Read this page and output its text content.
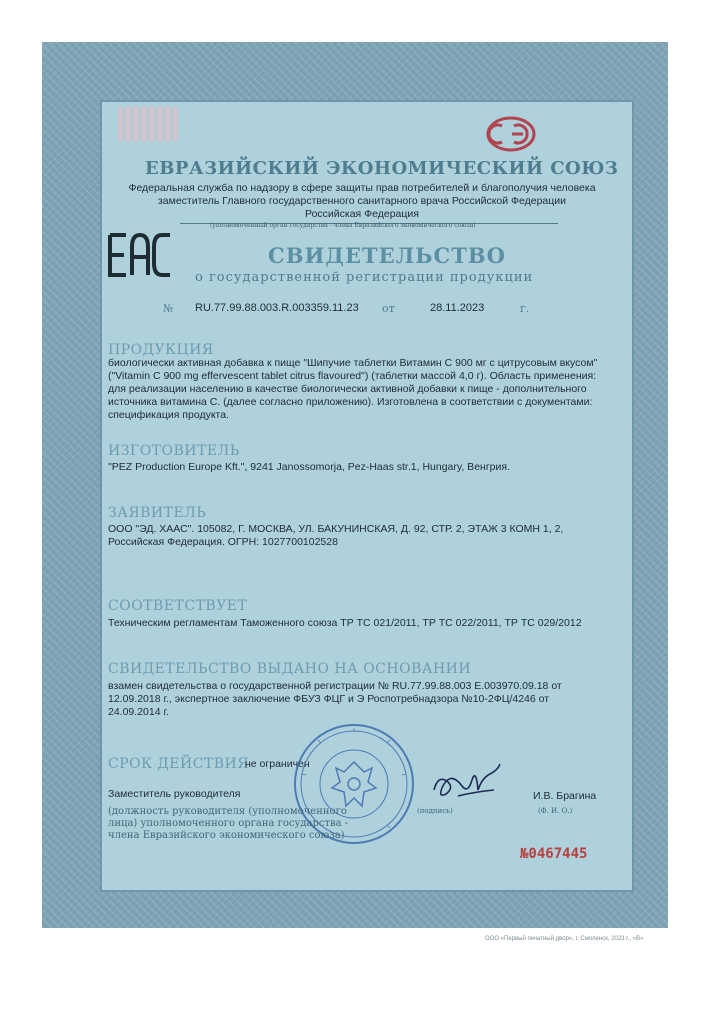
ЕВРАЗИЙСКИЙ ЭКОНОМИЧЕСКИЙ СОЮЗ
Федеральная служба по надзору в сфере защиты прав потребителей и благополучия человека
заместитель Главного государственного санитарного врача Российской Федерации
Российская Федерация
(уполномоченный орган государства - члена Евразийского экономического союза)
СВИДЕТЕЛЬСТВО
о государственной регистрации продукции
№ RU.77.99.88.003.R.003359.11.23 от	28.11.2023	г.
ПРОДУКЦИЯ
биологически активная добавка к пище "Шипучие таблетки Витамин С 900 мг с цитрусовым вкусом"
("Vitamin C 900 mg effervescent tablet citrus flavoured") (таблетки массой 4,0 г). Область применения:
для реализации населению в качестве биологически активной добавки к пище - дополнительного
источника витамина С. (далее согласно приложению). Изготовлена в соответствии с документами:
спецификация продукта.
ИЗГОТОВИТЕЛЬ
"PEZ Production Europe Kft.", 9241 Janossomorja, Pez-Haas str.1, Hungary, Венгрия.
ЗАЯВИТЕЛЬ
ООО "ЭД. ХААС". 105082, Г. МОСКВА, УЛ. БАКУНИНСКАЯ, Д. 92, СТР. 2, ЭТАЖ 3 КОМН 1, 2,
Российская Федерация. ОГРН: 1027700102528
СООТВЕТСТВУЕТ
Техническим регламентам Таможенного союза ТР ТС 021/2011, ТР ТС 022/2011, ТР ТС 029/2012
СВИДЕТЕЛЬСТВО ВЫДАНО НА ОСНОВАНИИ
взамен свидетельства о государственной регистрации № RU.77.99.88.003 Е.003970.09.18 от
12.09.2018 г., экспертное заключение ФБУЗ ФЦГ и Э Роспотребнадзора №10-2ФЦ/4246 от
24.09.2014 г.
СРОК ДЕЙСТВИЯ
не ограничен
Заместитель руководителя	И.В. Брагина
(должность руководителя (уполномоченного
лица) уполномоченного органа государства -
члена Евразийского экономического союза)
(подпись)	(Ф. И. О.)
№0467445
ООО «Первый печатный двор», г. Смоленск, 2023 г., «В»
